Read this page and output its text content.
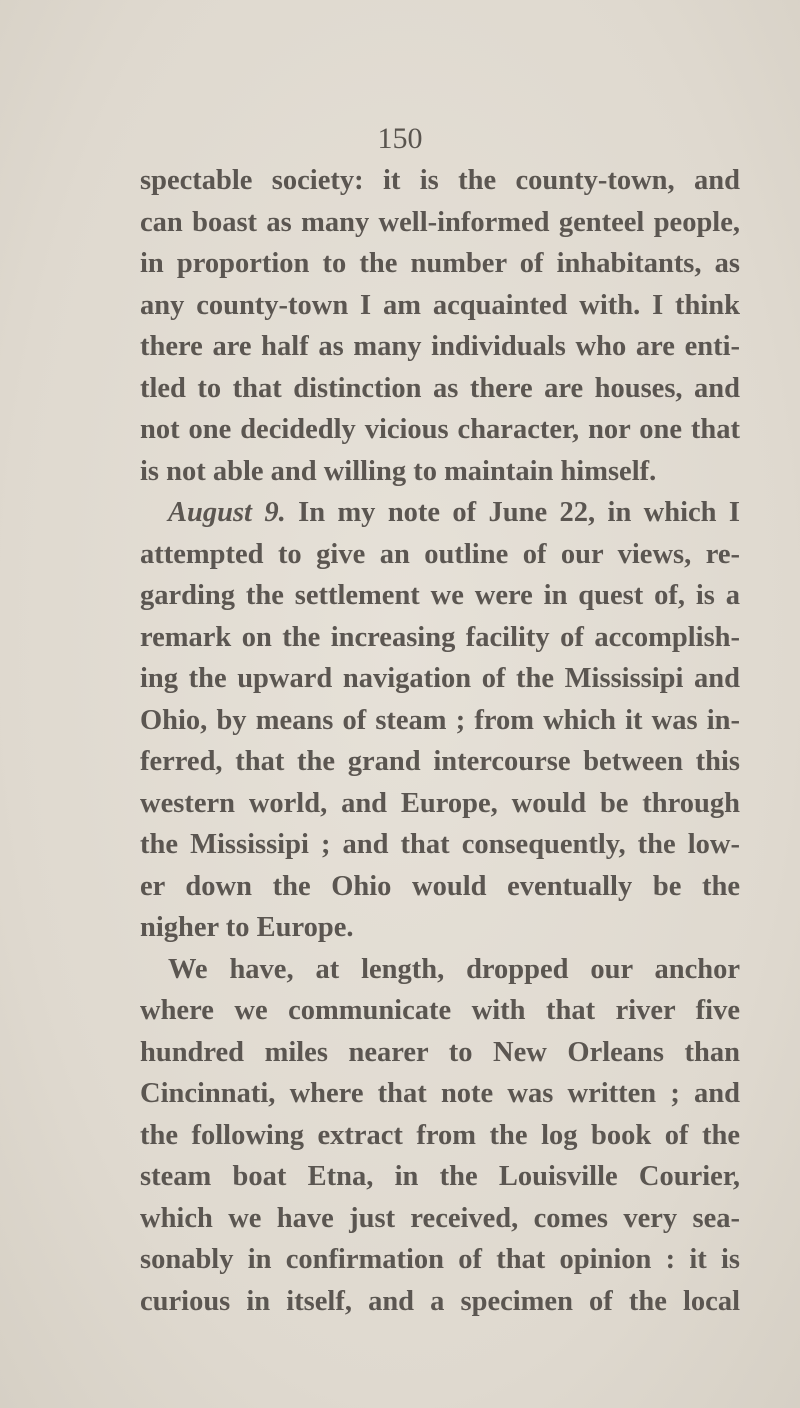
150
spectable society: it is the county-town, and
can boast as many well-informed genteel people,
in proportion to the number of inhabitants, as
any county-town I am acquainted with. I think
there are half as many individuals who are enti-
tled to that distinction as there are houses, and
not one decidedly vicious character, nor one that
is not able and willing to maintain himself.
August 9. In my note of June 22, in which I
attempted to give an outline of our views, re-
garding the settlement we were in quest of, is a
remark on the increasing facility of accomplish-
ing the upward navigation of the Mississipi and
Ohio, by means of steam ; from which it was in-
ferred, that the grand intercourse between this
western world, and Europe, would be through
the Mississipi ; and that consequently, the low-
er down the Ohio would eventually be the
nigher to Europe.
We have, at length, dropped our anchor
where we communicate with that river five
hundred miles nearer to New Orleans than
Cincinnati, where that note was written ; and
the following extract from the log book of the
steam boat Etna, in the Louisville Courier,
which we have just received, comes very sea-
sonably in confirmation of that opinion : it is
curious in itself, and a specimen of the local
